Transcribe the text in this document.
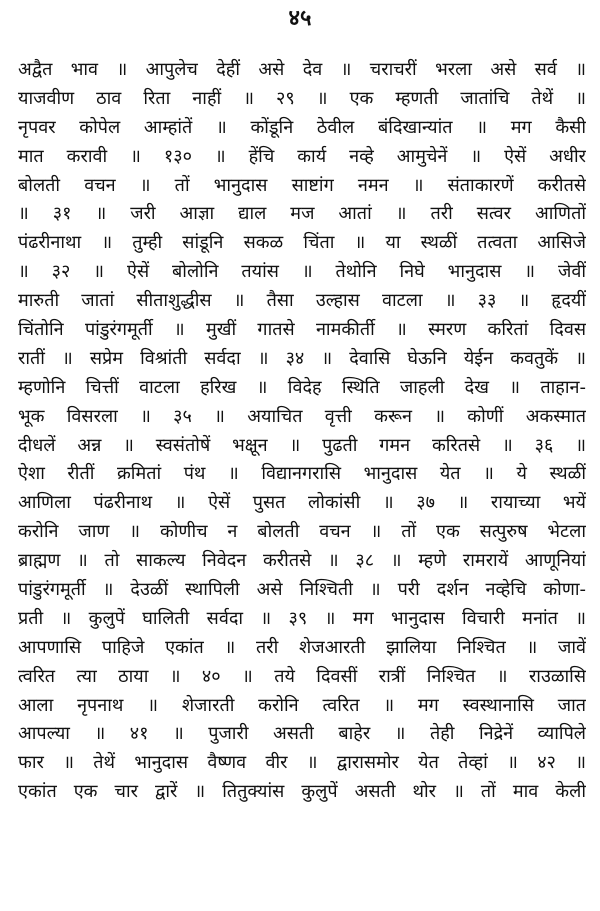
४५
अद्वैत भाव ॥ आपुलेच देहीं असे देव ॥ चराचरीं भरला असे सर्व ॥
याजवीण ठाव रिता नाहीं ॥ २९ ॥ एक म्हणती जातांचि तेथें ॥
नृपवर कोपेल आम्हांतें ॥ कोंडूनि ठेवील बंदिखान्यांत ॥ मग कैसी
मात करावी ॥ १३० ॥ हेंचि कार्य नव्हे आमुचेनें ॥ ऐसें अधीर
बोलती वचन ॥ तों भानुदास साष्टांग नमन ॥ संताकारणें करीतसे
॥ ३१ ॥ जरी आज्ञा द्याल मज आतां ॥ तरी सत्वर आणितों
पंढरीनाथा ॥ तुम्ही सांडूनि सकळ चिंता ॥ या स्थळीं तत्वता आसिजे
॥ ३२ ॥ ऐसें बोलोनि तयांस ॥ तेथोनि निघे भानुदास ॥ जेवीं
मारुती जातां सीताशुद्धीस ॥ तैसा उल्हास वाटला ॥ ३३ ॥ हृदयीं
चिंतोनि पांडुरंगमूर्ती ॥ मुखीं गातसे नामकीर्ती ॥ स्मरण करितां दिवस
रातीं ॥ सप्रेम विश्रांती सर्वदा ॥ ३४ ॥ देवासि घेऊनि येईन कवतुकें ॥
म्हणोनि चित्तीं वाटला हरिख ॥ विदेह स्थिति जाहली देख ॥ ताहान-
भूक विसरला ॥ ३५ ॥ अयाचित वृत्ती करून ॥ कोणीं अकस्मात
दीधलें अन्न ॥ स्वसंतोषें भक्षून ॥ पुढती गमन करितसे ॥ ३६ ॥
ऐशा रीतीं क्रमितां पंथ ॥ विद्यानगरासि भानुदास येत ॥ ये स्थळीं
आणिला पंढरीनाथ ॥ ऐसें पुसत लोकांसी ॥ ३७ ॥ रायाच्या भयें
करोनि जाण ॥ कोणीच न बोलती वचन ॥ तों एक सत्पुरुष भेटला
ब्राह्मण ॥ तो साकल्य निवेदन करीतसे ॥ ३८ ॥ म्हणे रामरायें आणूनियां
पांडुरंगमूर्ती ॥ देउळीं स्थापिली असे निश्चिती ॥ परी दर्शन नव्हेचि कोणा-
प्रती ॥ कुलुपें घालिती सर्वदा ॥ ३९ ॥ मग भानुदास विचारी मनांत ॥
आपणासि पाहिजे एकांत ॥ तरी शेजआरती झालिया निश्चित ॥ जावें
त्वरित त्या ठाया ॥ ४० ॥ तये दिवसीं रात्रीं निश्चित ॥ राउळासि
आला नृपनाथ ॥ शेजारती करोनि त्वरित ॥ मग स्वस्थानासि जात
आपल्या ॥ ४१ ॥ पुजारी असती बाहेर ॥ तेही निद्रेनें व्यापिले
फार ॥ तेथें भानुदास वैष्णव वीर ॥ द्वारासमोर येत तेव्हां ॥ ४२ ॥
एकांत एक चार द्वारें ॥ तितुक्यांस कुलुपें असती थोर ॥ तों माव केली
